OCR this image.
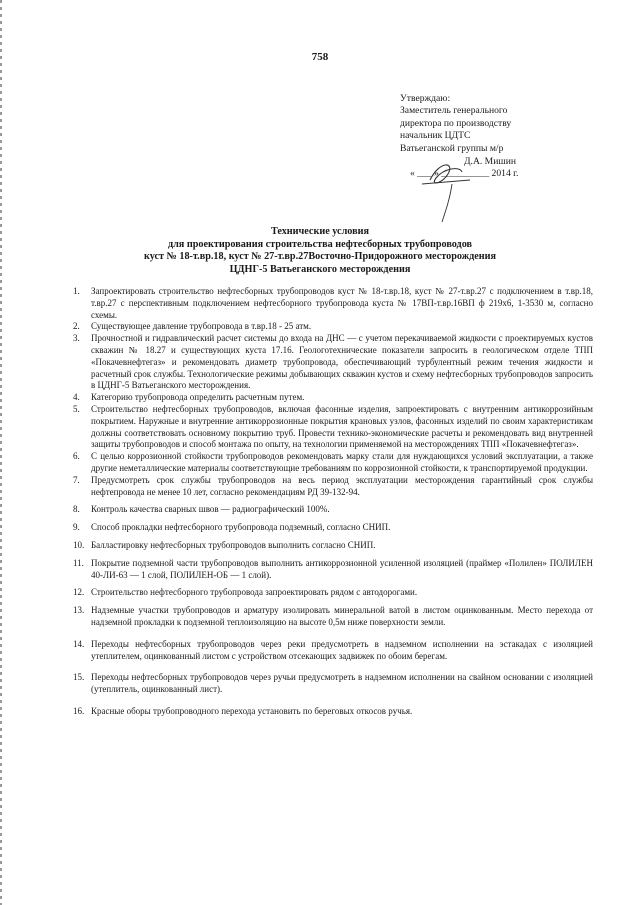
758
Утверждаю:
Заместитель генерального
директора по производству
начальник ЦДТС
Ватьеганской группы м/р
Д.А. Мишин
« ___ » __________ 2014 г.
Технические условия
для проектирования строительства нефтесборных трубопроводов
куст № 18-т.вр.18, куст № 27-т.вр.27Восточно-Придорожного месторождения
ЦДНГ-5 Ватьеганского месторождения
1.	Запроектировать строительство нефтесборных трубопроводов куст № 18-т.вр.18, куст № 27-т.вр.27 с подключением в т.вр.18, т.вр.27 с перспективным подключением нефтесборного трубопровода куста № 17ВП-т.вр.16ВП ф 219х6, 1-3530 м, согласно схемы.
2.	Существующее давление трубопровода в т.вр.18 - 25 атм.
3.	Прочностной и гидравлический расчет системы до входа на ДНС — с учетом перекачиваемой жидкости с проектируемых кустов скважин № 18.27 и существующих куста 17.16. Геологотехнические показатели запросить в геологическом отделе ТПП «Покачевнефтегаз» и рекомендовать диаметр трубопровода, обеспечивающий турбулентный режим течения жидкости и расчетный срок службы. Технологические режимы добывающих скважин кустов и схему нефтесборных трубопроводов запросить в ЦДНГ-5 Ватьеганского месторождения.
4.	Категорию трубопровода определить расчетным путем.
5.	Строительство нефтесборных трубопроводов, включая фасонные изделия, запроектировать с внутренним антикоррозийным покрытием. Наружные и внутренние антикоррозионные покрытия крановых узлов, фасонных изделий по своим характеристикам должны соответствовать основному покрытию труб. Провести технико-экономические расчеты и рекомендовать вид внутренней защиты трубопроводов и способ монтажа по опыту, на технологии применяемой на месторождениях ТПП «Покачевнефтегаз».
6.	С целью коррозионной стойкости трубопроводов рекомендовать марку стали для нуждающихся условий эксплуатации, а также другие неметаллические материалы соответствующие требованиям по коррозионной стойкости, к транспортируемой продукции.
7.	Предусмотреть срок службы трубопроводов на весь период эксплуатации месторождения гарантийный срок службы нефтепровода не менее 10 лет, согласно рекомендациям РД 39-132-94.
8.	Контроль качества сварных швов — радиографический 100%.
9.	Способ прокладки нефтесборного трубопровода подземный, согласно СНИП.
10. Балластировку нефтесборных трубопроводов выполнить согласно СНИП.
11. Покрытие подземной части трубопроводов выполнить антикоррозионной усиленной изоляцией (праймер «Полилен» ПОЛИЛЕН 40-ЛИ-63 — 1 слой, ПОЛИЛЕН-ОБ — 1 слой).
12. Строительство нефтесборного трубопровода запроектировать рядом с автодорогами.
13. Надземные участки трубопроводов и арматуру изолировать минеральной ватой в листом оцинкованным. Место перехода от надземной прокладки к подземной теплоизоляцию на высоте 0,5м ниже поверхности земли.
14. Переходы нефтесборных трубопроводов через реки предусмотреть в надземном исполнении на эстакадах с изоляцией утеплителем, оцинкованный листом с устройством отсекающих задвижек по обоим берегам.
15. Переходы нефтесборных трубопроводов через ручьи предусмотреть в надземном исполнении на свайном основании с изоляцией (утеплитель, оцинкованный лист).
16. Красные оборы трубопроводного перехода установить по береговых откосов ручья.
